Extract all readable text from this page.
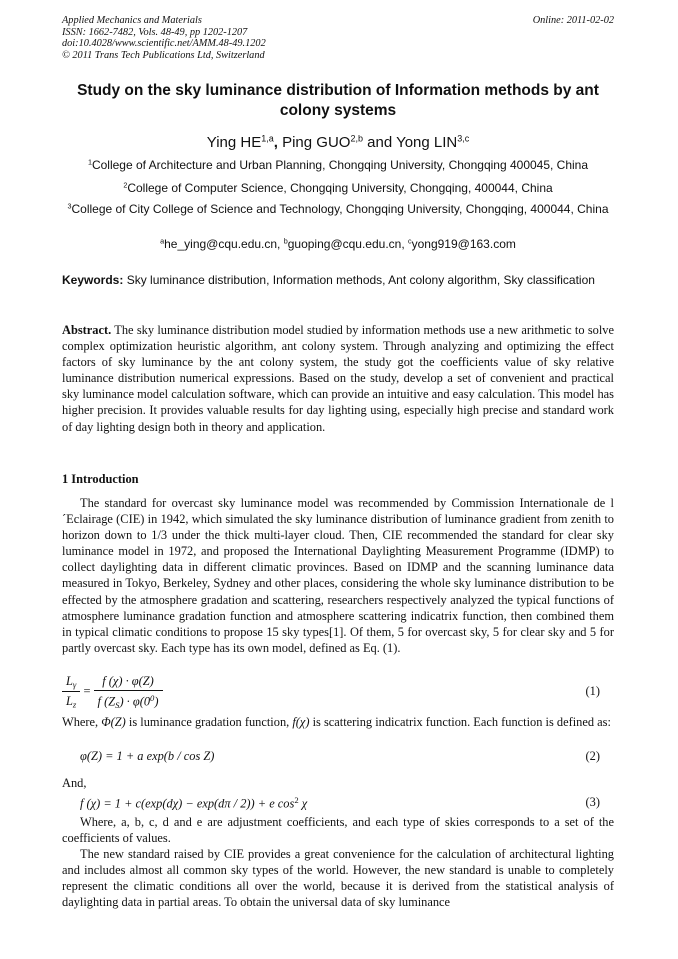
Applied Mechanics and Materials
ISSN: 1662-7482, Vols. 48-49, pp 1202-1207
doi:10.4028/www.scientific.net/AMM.48-49.1202
© 2011 Trans Tech Publications Ltd, Switzerland
Online: 2011-02-02
Study on the sky luminance distribution of Information methods by ant colony systems
Ying HE$^{1,a}$, Ping GUO$^{2,b}$ and Yong LIN$^{3,c}$
$^1$College of Architecture and Urban Planning, Chongqing University, Chongqing 400045, China
$^2$College of Computer Science, Chongqing University, Chongqing, 400044, China
$^3$College of City College of Science and Technology, Chongqing University, Chongqing, 400044, China
$^a$he_ying@cqu.edu.cn, $^b$guoping@cqu.edu.cn, $^c$yong919@163.com
Keywords: Sky luminance distribution, Information methods, Ant colony algorithm, Sky classification
Abstract. The sky luminance distribution model studied by information methods use a new arithmetic to solve complex optimization heuristic algorithm, ant colony system. Through analyzing and optimizing the effect factors of sky luminance by the ant colony system, the study got the coefficients value of sky relative luminance distribution numerical expressions. Based on the study, develop a set of convenient and practical sky luminance model calculation software, which can provide an intuitive and easy calculation. This model has higher precision. It provides valuable results for day lighting using, especially high precise and standard work of day lighting design both in theory and application.
1 Introduction
The standard for overcast sky luminance model was recommended by Commission Internationale de l´Eclairage (CIE) in 1942, which simulated the sky luminance distribution of luminance gradient from zenith to horizon down to 1/3 under the thick multi-layer cloud. Then, CIE recommended the standard for clear sky luminance model in 1972, and proposed the International Daylighting Measurement Programme (IDMP) to collect daylighting data in different climatic provinces. Based on IDMP and the scanning luminance data measured in Tokyo, Berkeley, Sydney and other places, considering the whole sky luminance distribution to be effected by the atmosphere gradation and scattering, researchers respectively analyzed the typical functions of atmosphere luminance gradation function and atmosphere scattering indicatrix function, then combined them in typical climatic conditions to propose 15 sky types[1]. Of them, 5 for overcast sky, 5 for clear sky and 5 for partly overcast sky. Each type has its own model, defined as Eq. (1).
$\frac{L_\gamma}{L_z} = \frac{f (\chi) \cdot \varphi(Z)}{f (Z_S) \cdot \varphi(0^0)}$	(1)
Where, Φ(Z) is luminance gradation function, f(χ) is scattering indicatrix function. Each function is defined as:
φ(Z) = 1 + a exp(b / cos Z)	(2)
And,
f (χ) = 1 + c(exp(dχ) − exp(dπ / 2)) + e $\cos^2 \chi$	(3)
Where, a, b, c, d and e are adjustment coefficients, and each type of skies corresponds to a set of the coefficients of values.
The new standard raised by CIE provides a great convenience for the calculation of architectural lighting and includes almost all common sky types of the world. However, the new standard is unable to completely represent the climatic conditions all over the world, because it is derived from the statistical analysis of daylighting data in partial areas. To obtain the universal data of sky luminance
